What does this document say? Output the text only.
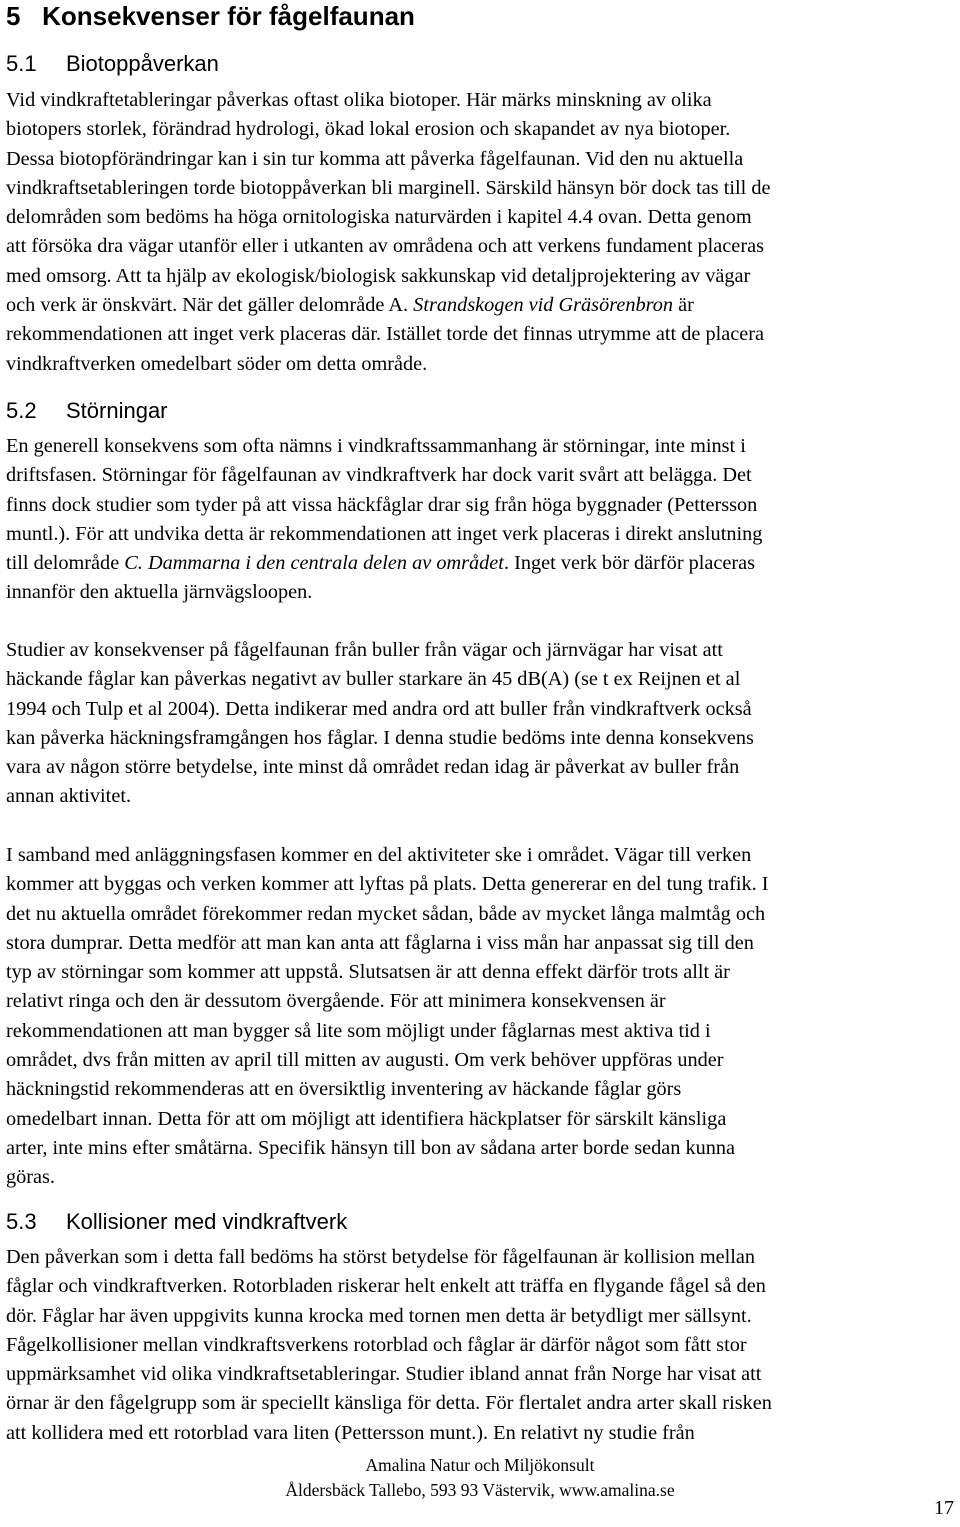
5 Konsekvenser för fågelfaunan
5.1 Biotoppåverkan
Vid vindkraftetableringar påverkas oftast olika biotoper. Här märks minskning av olika
biotopers storlek, förändrad hydrologi, ökad lokal erosion och skapandet av nya biotoper.
Dessa biotopförändringar kan i sin tur komma att påverka fågelfaunan. Vid den nu aktuella
vindkraftsetableringen torde biotoppåverkan bli marginell. Särskild hänsyn bör dock tas till de
delområden som bedöms ha höga ornitologiska naturvärden i kapitel 4.4 ovan. Detta genom
att försöka dra vägar utanför eller i utkanten av områdena och att verkens fundament placeras
med omsorg. Att ta hjälp av ekologisk/biologisk sakkunskap vid detaljprojektering av vägar
och verk är önskvärt. När det gäller delområde A. Strandskogen vid Gräsörenbron är
rekommendationen att inget verk placeras där. Istället torde det finnas utrymme att de placera
vindkraftverken omedelbart söder om detta område.
5.2 Störningar
En generell konsekvens som ofta nämns i vindkraftssammanhang är störningar, inte minst i
driftsfasen. Störningar för fågelfaunan av vindkraftverk har dock varit svårt att belägga. Det
finns dock studier som tyder på att vissa häckfåglar drar sig från höga byggnader (Pettersson
muntl.). För att undvika detta är rekommendationen att inget verk placeras i direkt anslutning
till delområde C. Dammarna i den centrala delen av området. Inget verk bör därför placeras
innanför den aktuella järnvägsloopen.
Studier av konsekvenser på fågelfaunan från buller från vägar och järnvägar har visat att
häckande fåglar kan påverkas negativt av buller starkare än 45 dB(A) (se t ex Reijnen et al
1994 och Tulp et al 2004). Detta indikerar med andra ord att buller från vindkraftverk också
kan påverka häckningsframgången hos fåglar. I denna studie bedöms inte denna konsekvens
vara av någon större betydelse, inte minst då området redan idag är påverkat av buller från
annan aktivitet.
I samband med anläggningsfasen kommer en del aktiviteter ske i området. Vägar till verken
kommer att byggas och verken kommer att lyftas på plats. Detta genererar en del tung trafik. I
det nu aktuella området förekommer redan mycket sådan, både av mycket långa malmtåg och
stora dumprar. Detta medför att man kan anta att fåglarna i viss mån har anpassat sig till den
typ av störningar som kommer att uppstå. Slutsatsen är att denna effekt därför trots allt är
relativt ringa och den är dessutom övergående. För att minimera konsekvensen är
rekommendationen att man bygger så lite som möjligt under fåglarnas mest aktiva tid i
området, dvs från mitten av april till mitten av augusti. Om verk behöver uppföras under
häckningstid rekommenderas att en översiktlig inventering av häckande fåglar görs
omedelbart innan. Detta för att om möjligt att identifiera häckplatser för särskilt känsliga
arter, inte mins efter småtärna. Specifik hänsyn till bon av sådana arter borde sedan kunna
göras.
5.3 Kollisioner med vindkraftverk
Den påverkan som i detta fall bedöms ha störst betydelse för fågelfaunan är kollision mellan
fåglar och vindkraftverken. Rotorbladen riskerar helt enkelt att träffa en flygande fågel så den
dör. Fåglar har även uppgivits kunna krocka med tornen men detta är betydligt mer sällsynt.
Fågelkollisioner mellan vindkraftsverkens rotorblad och fåglar är därför något som fått stor
uppmärksamhet vid olika vindkraftsetableringar. Studier ibland annat från Norge har visat att
örnar är den fågelgrupp som är speciellt känsliga för detta. För flertalet andra arter skall risken
att kollidera med ett rotorblad vara liten (Pettersson munt.). En relativt ny studie från

Amalina Natur och Miljökonsult

Åldersbäck Tallebo, 593 93 Västervik, www.amalina.se

17
